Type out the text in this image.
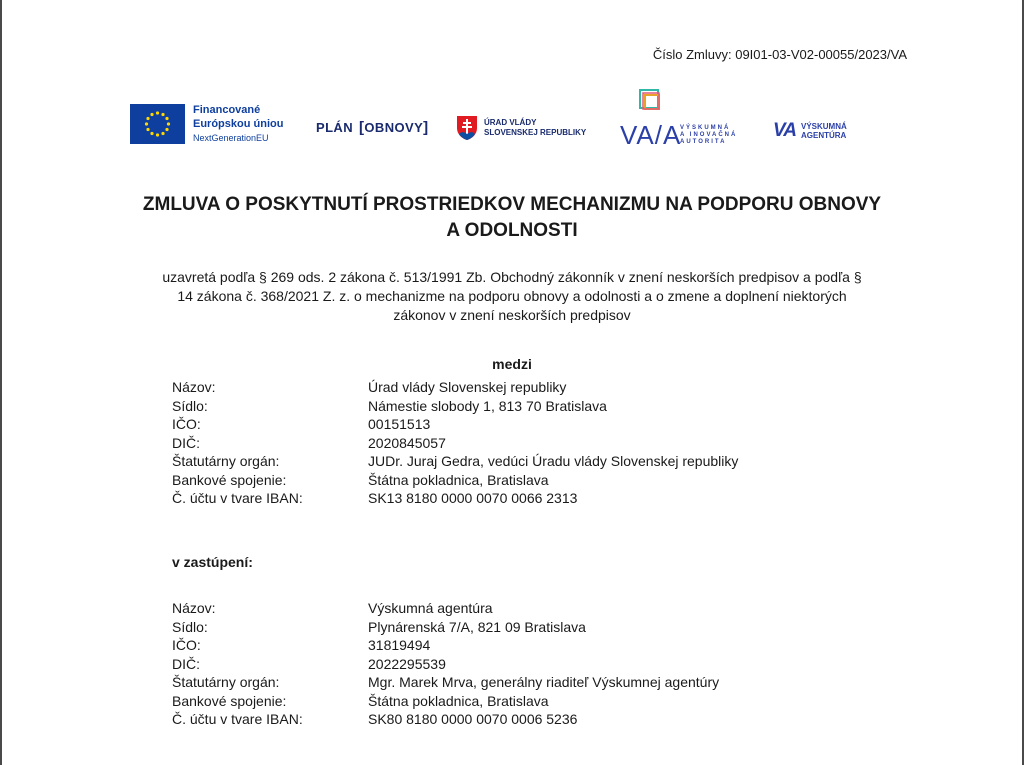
Číslo Zmluvy: 09I01-03-V02-00055/2023/VA
Financované
Európskou úniou
NextGenerationEU
PLÁN [ OBNOVY ]	ÚRAD VLÁDY
SLOVENSKEJ REPUBLIKY VA/A
VÝSKUMNÁ
A INOVAČNÁ
AUTORITA
VA VÝSKUMNÁ
AGENTÚRA
ZMLUVA O POSKYTNUTÍ PROSTRIEDKOV MECHANIZMU NA PODPORU OBNOVY
A ODOLNOSTI
uzavretá podľa § 269 ods. 2 zákona č. 513/1991 Zb. Obchodný zákonník v znení neskorších predpisov a podľa §
14 zákona č. 368/2021 Z. z. o mechanizme na podporu obnovy a odolnosti a o zmene a doplnení niektorých
zákonov v znení neskorších predpisov
medzi
Názov:	Úrad vlády Slovenskej republiky
Sídlo:	Námestie slobody 1, 813 70 Bratislava
IČO:	00151513
DIČ:	2020845057
Štatutárny orgán:	JUDr. Juraj Gedra, vedúci Úradu vlády Slovenskej republiky
Bankové spojenie:	Štátna pokladnica, Bratislava
Č. účtu v tvare IBAN:	SK13 8180 0000 0070 0066 2313
v zastúpení:
Názov:	Výskumná agentúra
Sídlo:	Plynárenská 7/A, 821 09 Bratislava
IČO:	31819494
DIČ:	2022295539
Štatutárny orgán:	Mgr. Marek Mrva, generálny riaditeľ Výskumnej agentúry
Bankové spojenie:	Štátna pokladnica, Bratislava
Č. účtu v tvare IBAN:	SK80 8180 0000 0070 0006 5236
